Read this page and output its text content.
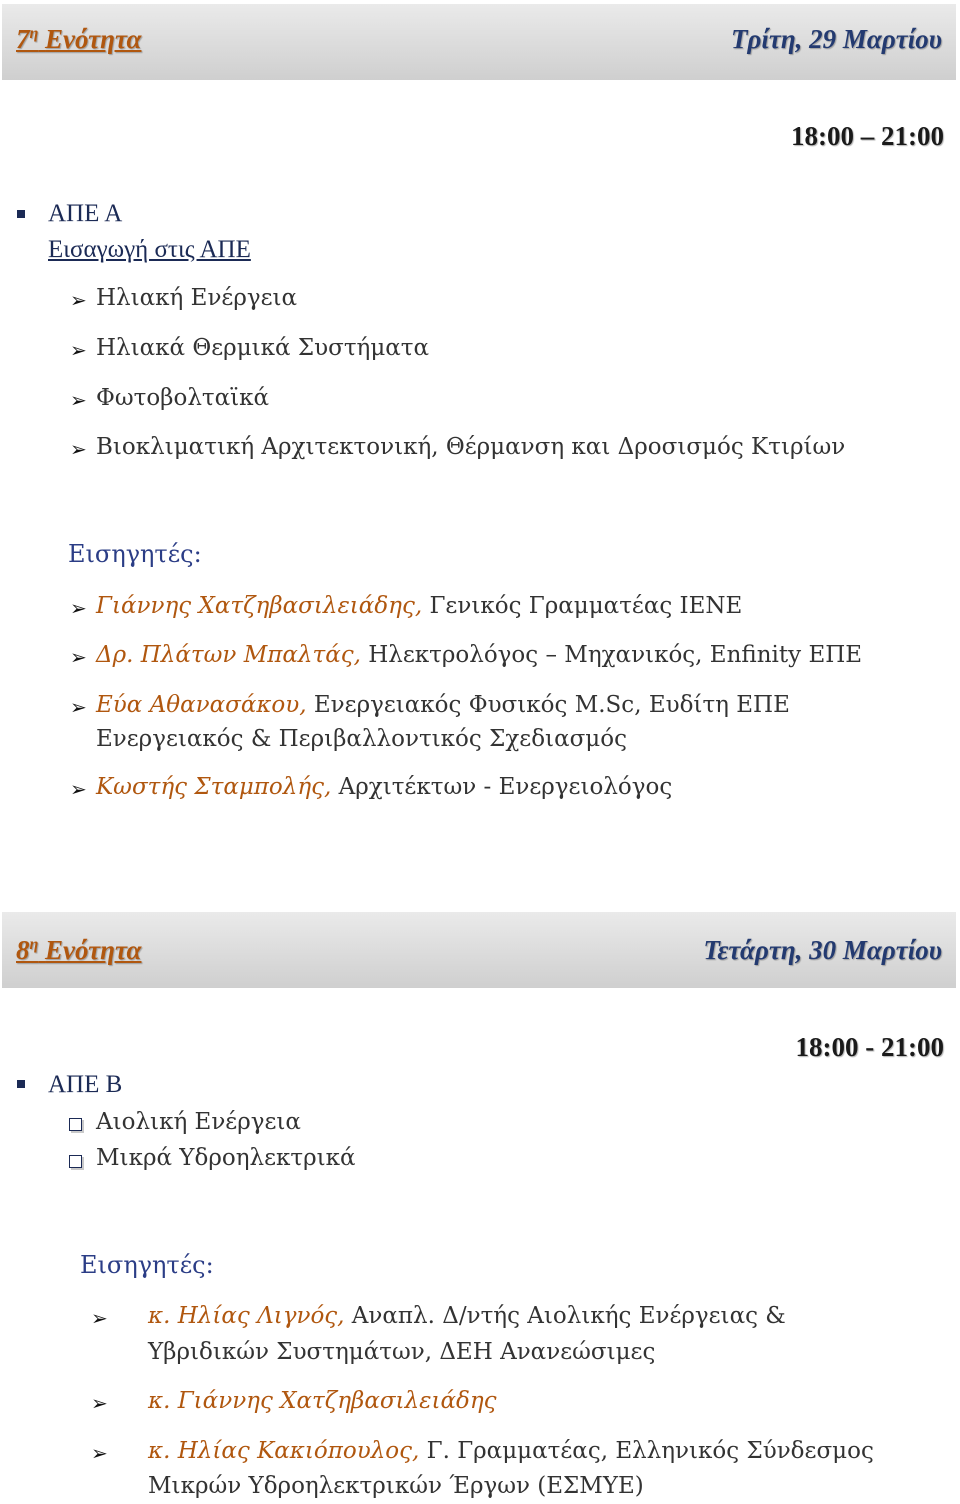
$7^\eta$ Ενότητα	Τρίτη, 29 Μαρτίου
18:00 – 21:00
ΑΠΕ Α
Εισαγωγή στις ΑΠΕ
➢ Ηλιακή Ενέργεια
➢ Ηλιακά Θερμικά Συστήματα
➢ Φωτοβολταϊκά
➢ Βιοκλιματική Αρχιτεκτονική, Θέρμανση και Δροσισμός Κτιρίων
Εισηγητές:
➢ Γιάννης Χατζηβασιλειάδης, Γενικός Γραμματέας ΙΕΝΕ
➢ Δρ. Πλάτων Μπαλτάς, Ηλεκτρολόγος – Μηχανικός, Enfinity ΕΠΕ
➢ Εύα Αθανασάκου, Ενεργειακός Φυσικός M.Sc, Ευδίτη ΕΠΕ
Ενεργειακός & Περιβαλλοντικός Σχεδιασμός
➢ Κωστής Σταμπολής, Αρχιτέκτων - Ενεργειολόγος
$8^\eta$ Ενότητα	Τετάρτη, 30 Μαρτίου
18:00 - 21:00
ΑΠΕ Β
Αιολική Ενέργεια
Μικρά Υδροηλεκτρικά
Εισηγητές:
➢ κ. Ηλίας Λιγνός, Αναπλ. Δ/ντής Αιολικής Ενέργειας &
Υβριδικών Συστημάτων, ΔΕΗ Ανανεώσιμες
➢ κ. Γιάννης Χατζηβασιλειάδης
➢ κ. Ηλίας Κακιόπουλος, Γ. Γραμματέας, Ελληνικός Σύνδεσμος
Μικρών Υδροηλεκτρικών Έργων (ΕΣΜΥΕ)
